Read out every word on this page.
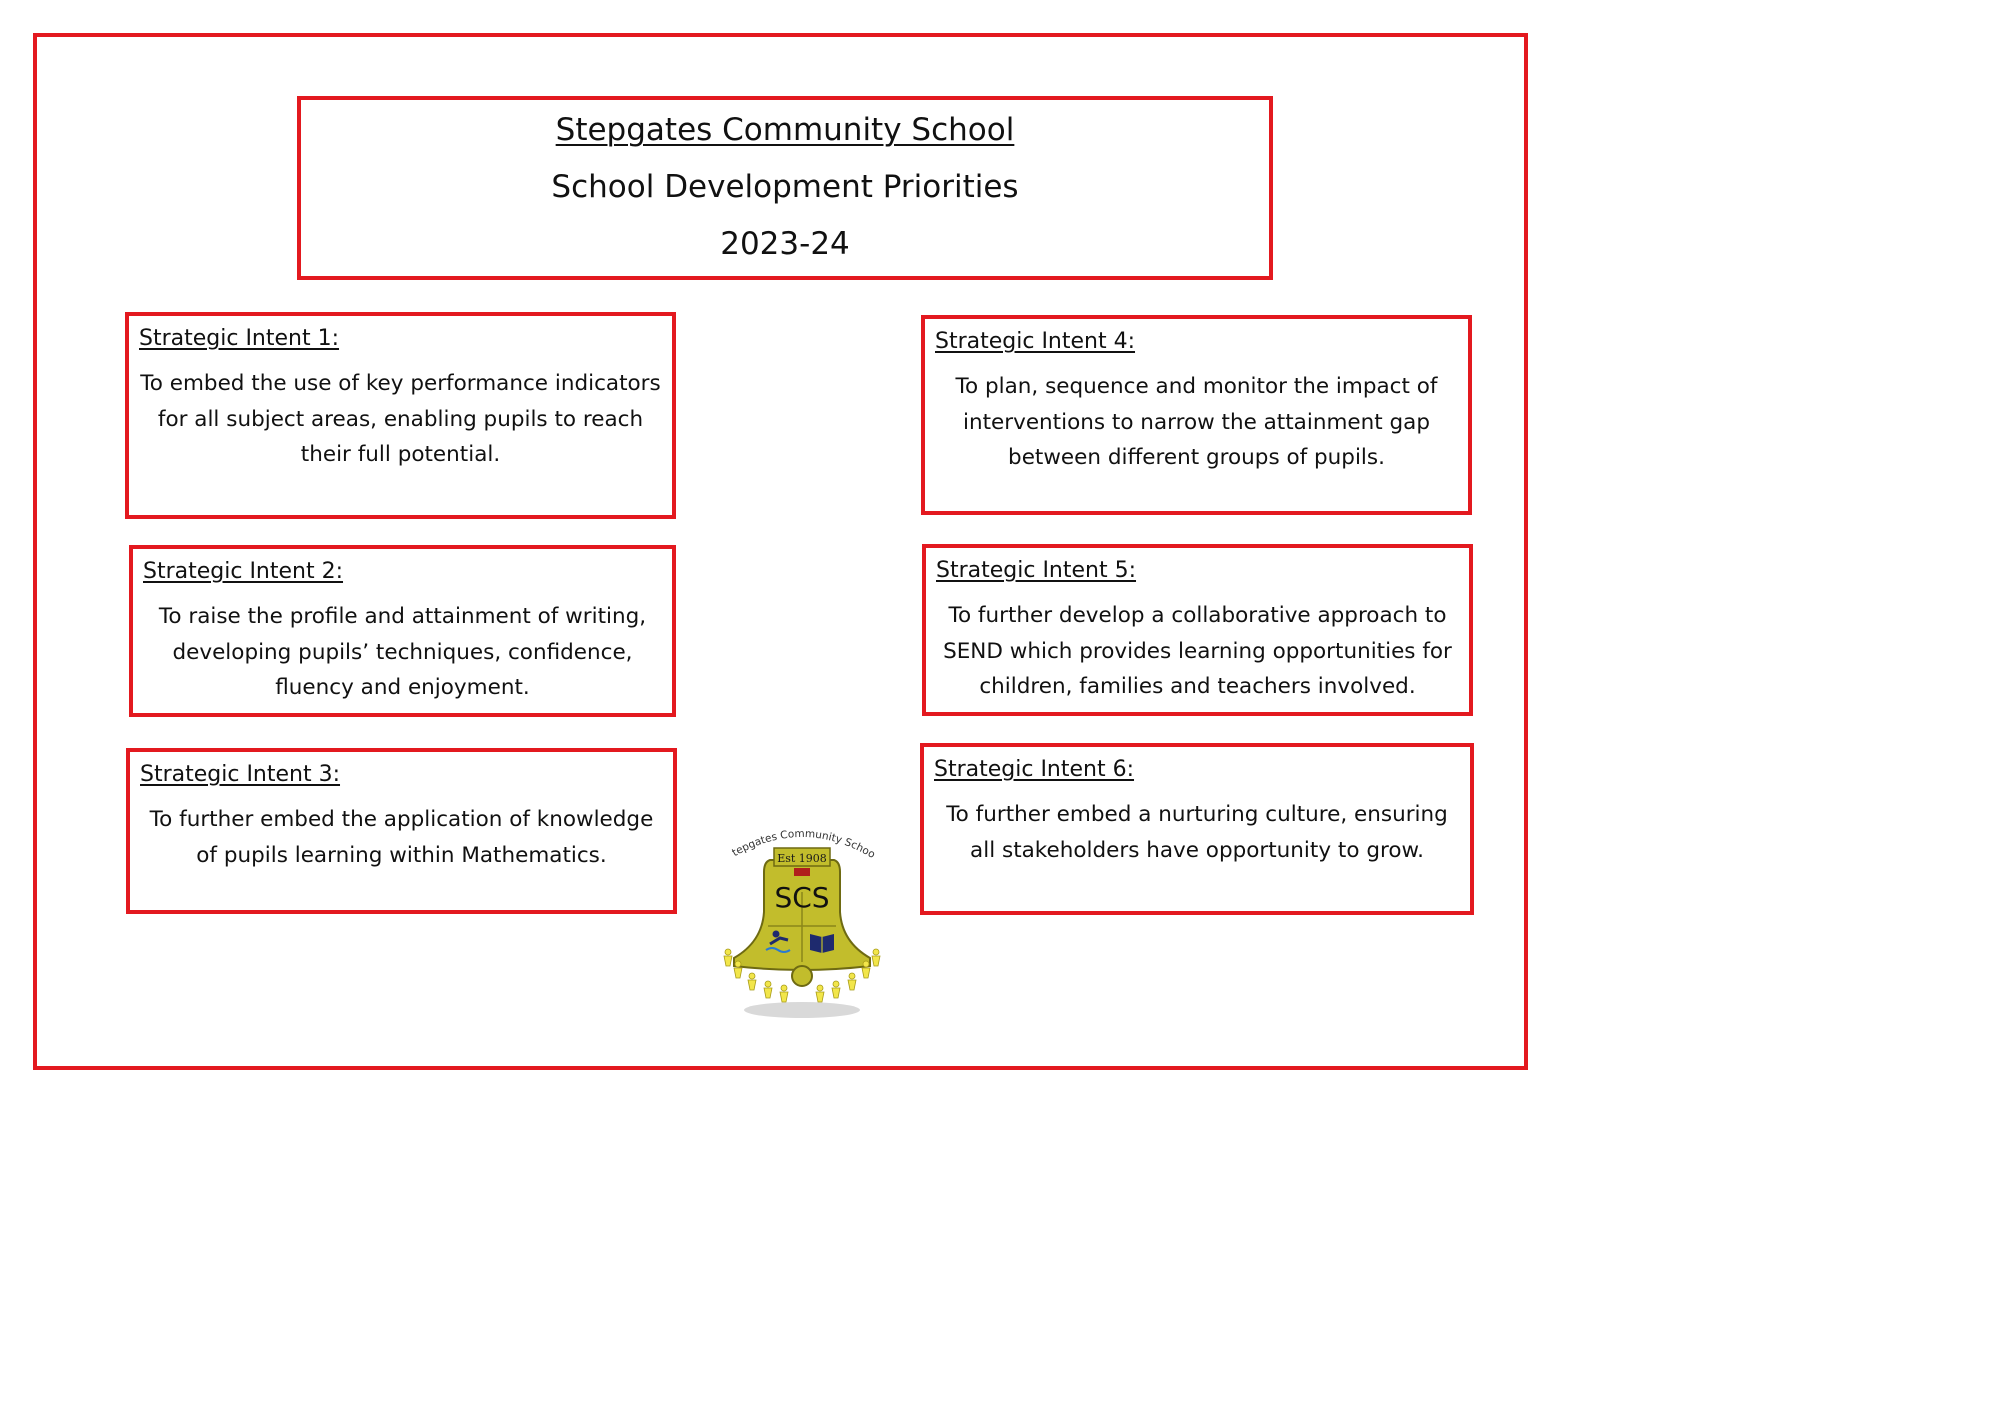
Stepgates Community School
School Development Priorities
2023-24
Strategic Intent 1:
To embed the use of key performance indicators for all subject areas, enabling pupils to reach their full potential.
Strategic Intent 2:
To raise the profile and attainment of writing, developing pupils’ techniques, confidence, fluency and enjoyment.
Strategic Intent 3:
To further embed the application of knowledge of pupils learning within Mathematics.
Strategic Intent 4:
To plan, sequence and monitor the impact of interventions to narrow the attainment gap between different groups of pupils.
Strategic Intent 5:
To further develop a collaborative approach to SEND which provides learning opportunities for children, families and teachers involved.
Strategic Intent 6:
To further embed a nurturing culture, ensuring all stakeholders have opportunity to grow.
tepgates Community Schoo
Est 1908
SCS
